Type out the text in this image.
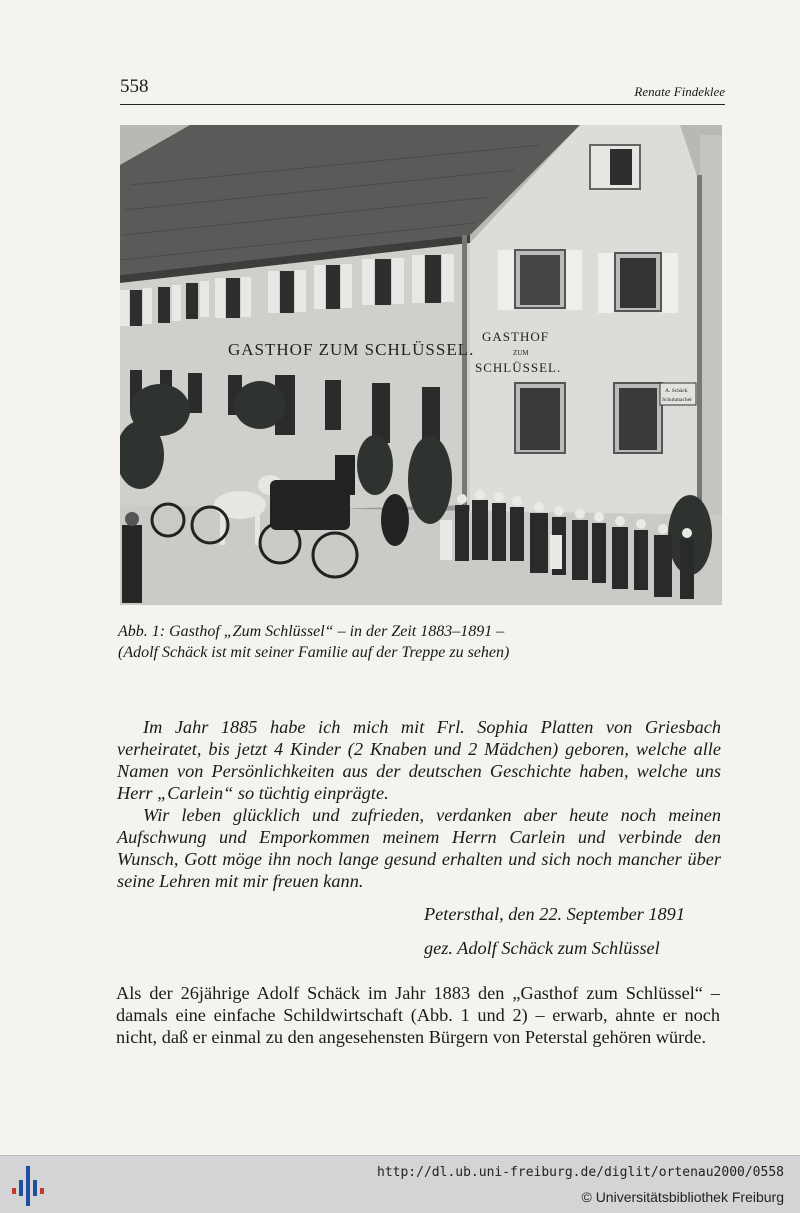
558	Renate Findeklee
GASTHOF ZUM SCHLÜSSEL.
GASTHOF
ZUM
SCHLÜSSEL.
A. Schäck
Schuhmacher
Abb. 1: Gasthof „Zum Schlüssel“ – in der Zeit 1883–1891 –
(Adolf Schäck ist mit seiner Familie auf der Treppe zu sehen)

Im Jahr 1885 habe ich mich mit Frl. Sophia Platten von Griesbach verheiratet, bis jetzt 4 Kinder (2 Knaben und 2 Mädchen) geboren, welche alle Namen von Persönlichkeiten aus der deutschen Geschichte haben, welche uns Herr „Carlein“ so tüchtig einprägte.

Wir leben glücklich und zufrieden, verdanken aber heute noch meinen Aufschwung und Emporkommen meinem Herrn Carlein und verbinde den Wunsch, Gott möge ihn noch lange gesund erhalten und sich noch mancher über seine Lehren mit mir freuen kann.

Petersthal, den 22. September 1891
gez. Adolf Schäck zum Schlüssel

Als der 26jährige Adolf Schäck im Jahr 1883 den „Gasthof zum Schlüssel“ – damals eine einfache Schildwirtschaft (Abb. 1 und 2) – erwarb, ahnte er noch nicht, daß er einmal zu den angesehensten Bürgern von Peterstal gehören würde.

http://dl.ub.uni-freiburg.de/diglit/ortenau2000/0558
© Universitätsbibliothek Freiburg
